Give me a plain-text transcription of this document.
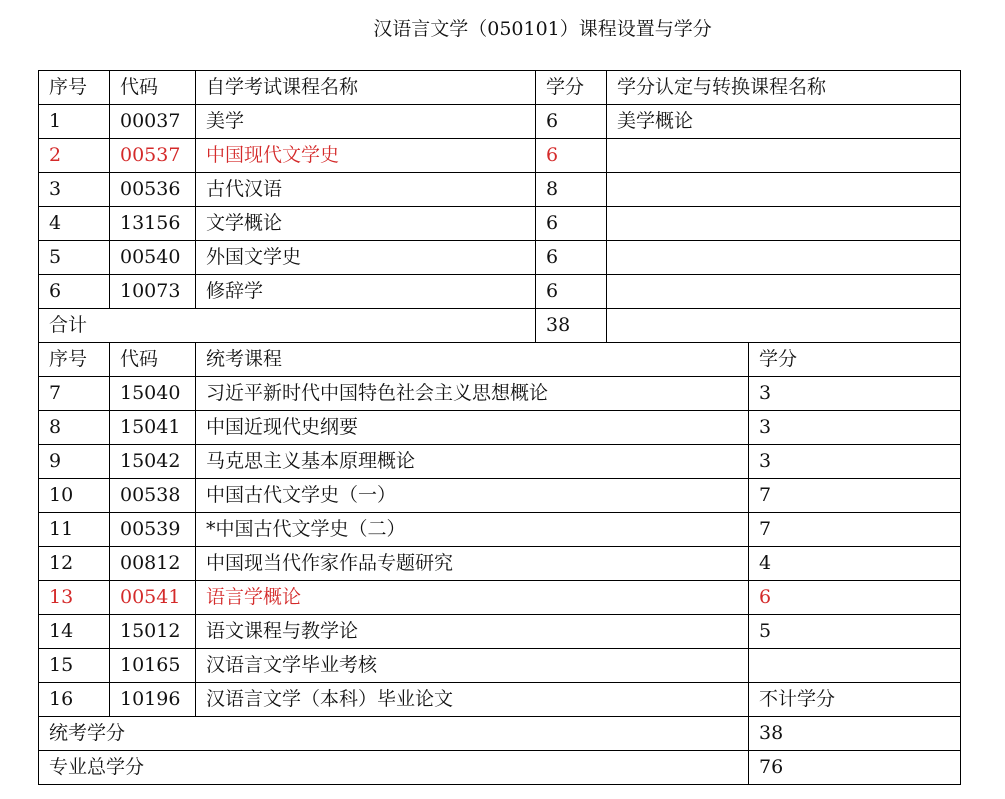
汉语言文学（050101）课程设置与学分
序号	代码	自学考试课程名称	学分	学分认定与转换课程名称	
1	00037	美学	6	美学概论	
2	00537	中国现代文学史	6		
3	00536	古代汉语	8		
4	13156	文学概论	6		
5	00540	外国文学史	6		
6	10073	修辞学	6		
合计			38		
序号	代码	统考课程			学分
7	15040	习近平新时代中国特色社会主义思想概论			3
8	15041	中国近现代史纲要			3
9	15042	马克思主义基本原理概论			3
10	00538	中国古代文学史（一）			7
11	00539	*中国古代文学史（二）			7
12	00812	中国现当代作家作品专题研究			4
13	00541	语言学概论			6
14	15012	语文课程与教学论			5
15	10165	汉语言文学毕业考核			
16	10196	汉语言文学（本科）毕业论文			不计学分
统考学分					38
专业总学分					76
